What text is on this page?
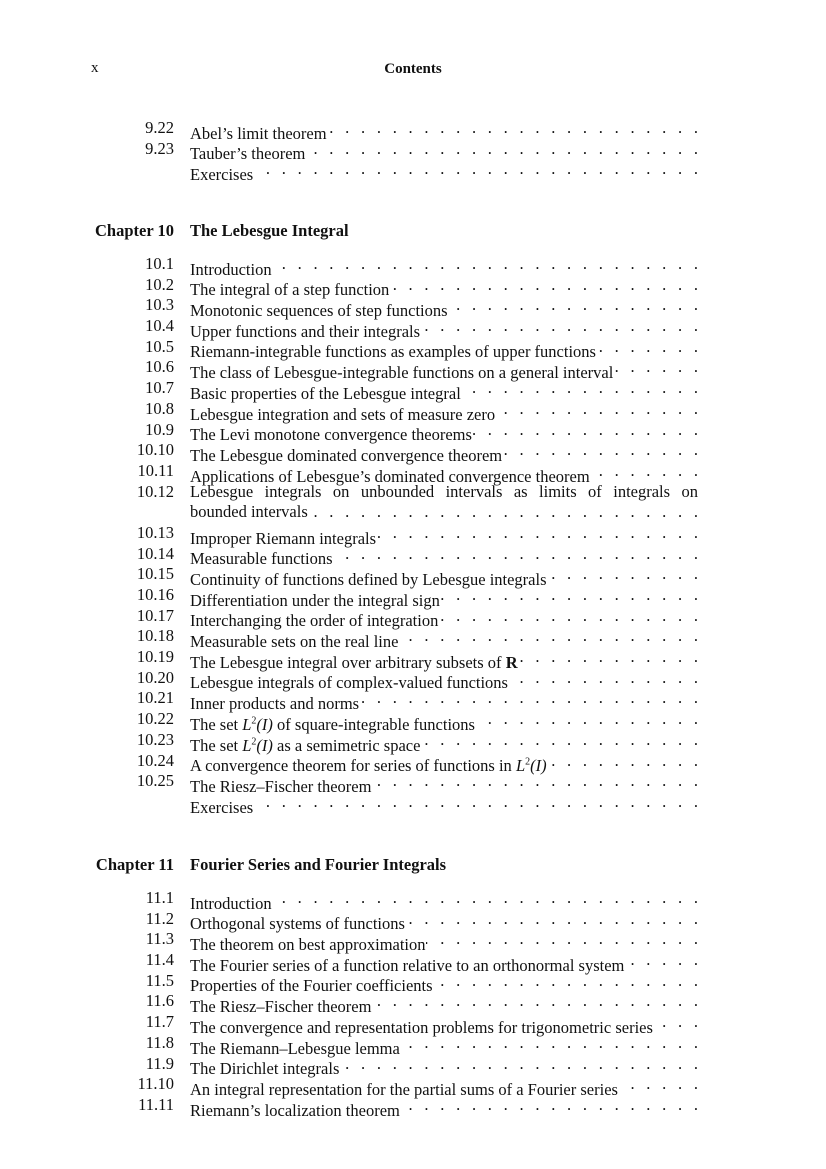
x	Contents
9.22 Abel’s limit theorem
. . .
9.23 Tauber’s theorem
. . .
Exercises
. . .
Chapter 10 The Lebesgue Integral
10.1 Introduction
. . .
10.2 The integral of a step function
. . .
10.3 Monotonic sequences of step functions
. . .
10.4 Upper functions and their integrals
. . .
10.5 Riemann-integrable functions as examples of upper functions
. . .
10.6 The class of Lebesgue-integrable functions on a general interval
. . .
10.7 Basic properties of the Lebesgue integral
. . .
10.8 Lebesgue integration and sets of measure zero
. . .
10.9 The Levi monotone convergence theorems
. . .
10.10 The Lebesgue dominated convergence theorem
. . .
10.11 Applications of Lebesgue’s dominated convergence theorem
. . .
10.12 Lebesgue integrals on unbounded intervals as limits of integrals on
bounded intervals
. . .
10.13 Improper Riemann integrals
. . .
10.14 Measurable functions
. . .
10.15 Continuity of functions defined by Lebesgue integrals
. . .
10.16 Differentiation under the integral sign
. . .
10.17 Interchanging the order of integration
. . .
10.18 Measurable sets on the real line
. . .
10.19 The Lebesgue integral over arbitrary subsets of R
. . .
10.20 Lebesgue integrals of complex-valued functions
. . .
10.21 Inner products and norms
. . .
10.22 The set $L^2(I)$ of square-integrable functions
. . .
10.23 The set $L^2(I)$ as a semimetric space
. . .
10.24 A convergence theorem for series of functions in $L^2(I)$
. . .
10.25 The Riesz–Fischer theorem
. . .
Exercises
. . .
Chapter 11 Fourier Series and Fourier Integrals
11.1 Introduction
. . .
11.2 Orthogonal systems of functions
. . .
11.3 The theorem on best approximation
. . .
11.4 The Fourier series of a function relative to an orthonormal system
. . .
11.5 Properties of the Fourier coefficients
. . .
11.6 The Riesz–Fischer theorem
. . .
11.7 The convergence and representation problems for trigonometric series
. . .
11.8 The Riemann–Lebesgue lemma
. . .
11.9 The Dirichlet integrals
. . .
11.10 An integral representation for the partial sums of a Fourier series
. . .
11.11 Riemann’s localization theorem
. . .
